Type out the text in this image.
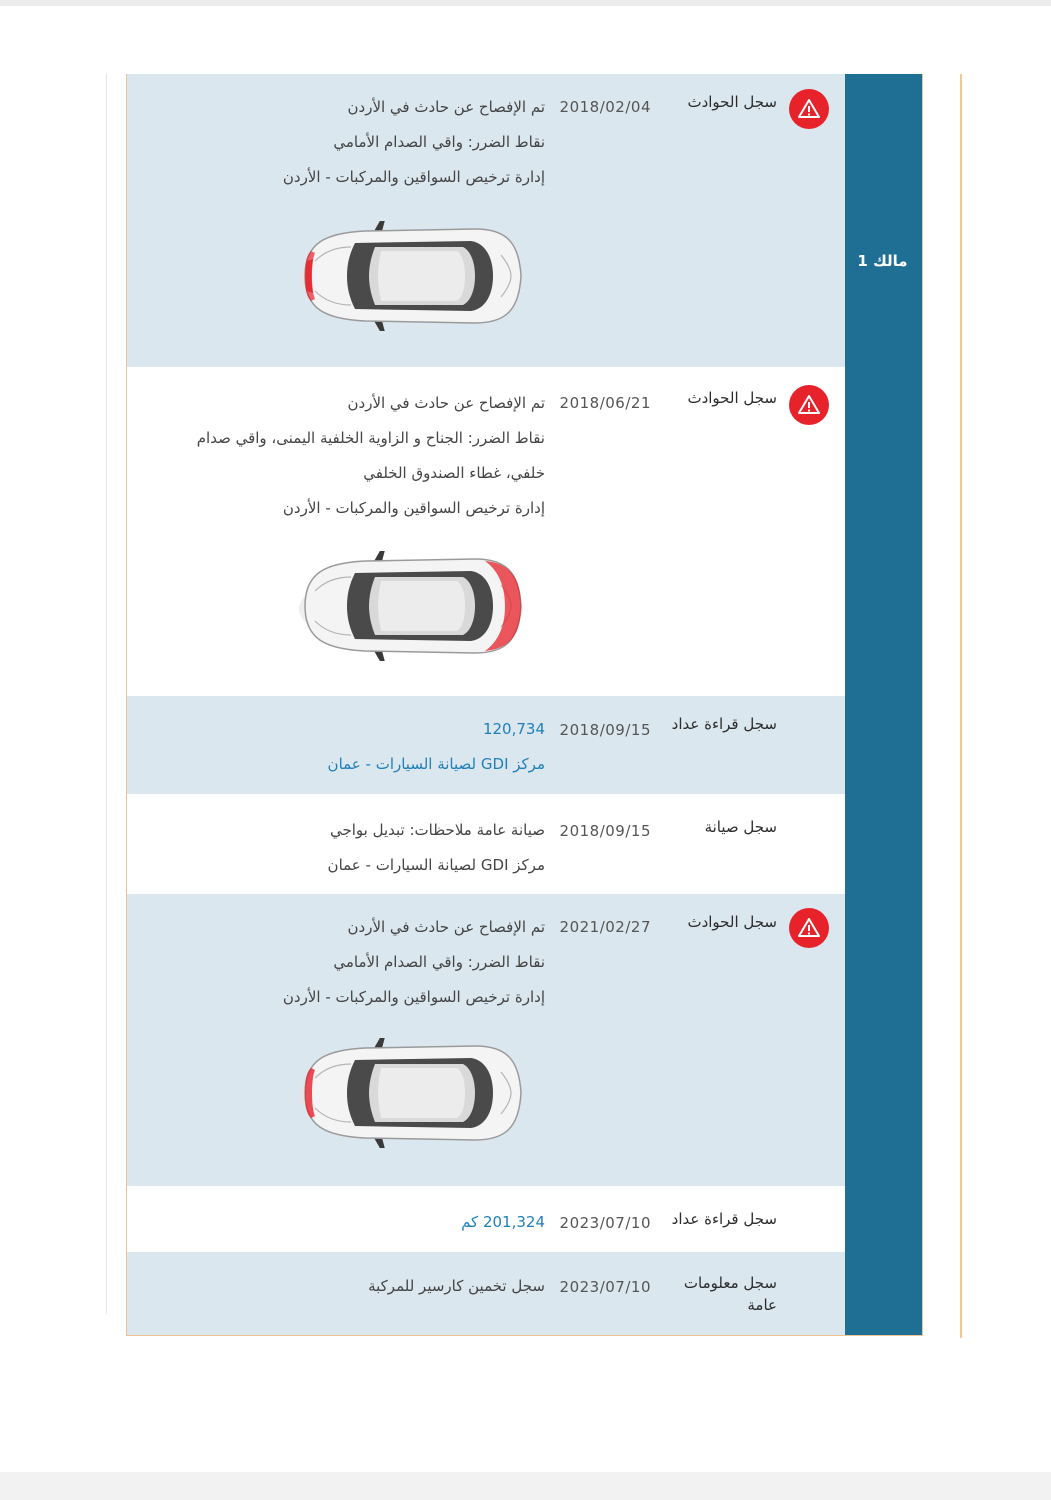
مالك 1
سجل الحوادث
2018/02/04
تم الإفصاح عن حادث في الأردن
نقاط الضرر: واقي الصدام الأمامي
إدارة ترخيص السواقين والمركبات - الأردن
سجل الحوادث
2018/06/21
تم الإفصاح عن حادث في الأردن
نقاط الضرر: الجناح و الزاوية الخلفية اليمنى، واقي صدام
خلفي، غطاء الصندوق الخلفي
إدارة ترخيص السواقين والمركبات - الأردن
سجل قراءة عداد
2018/09/15
120,734
مركز GDI لصيانة السيارات - عمان
سجل صيانة
2018/09/15
صيانة عامة ملاحظات: تبديل بواجي
مركز GDI لصيانة السيارات - عمان
سجل الحوادث
2021/02/27
تم الإفصاح عن حادث في الأردن
نقاط الضرر: واقي الصدام الأمامي
إدارة ترخيص السواقين والمركبات - الأردن
سجل قراءة عداد
2023/07/10
201,324 كم
سجل معلومات عامة
2023/07/10
سجل تخمين كارسير للمركبة
